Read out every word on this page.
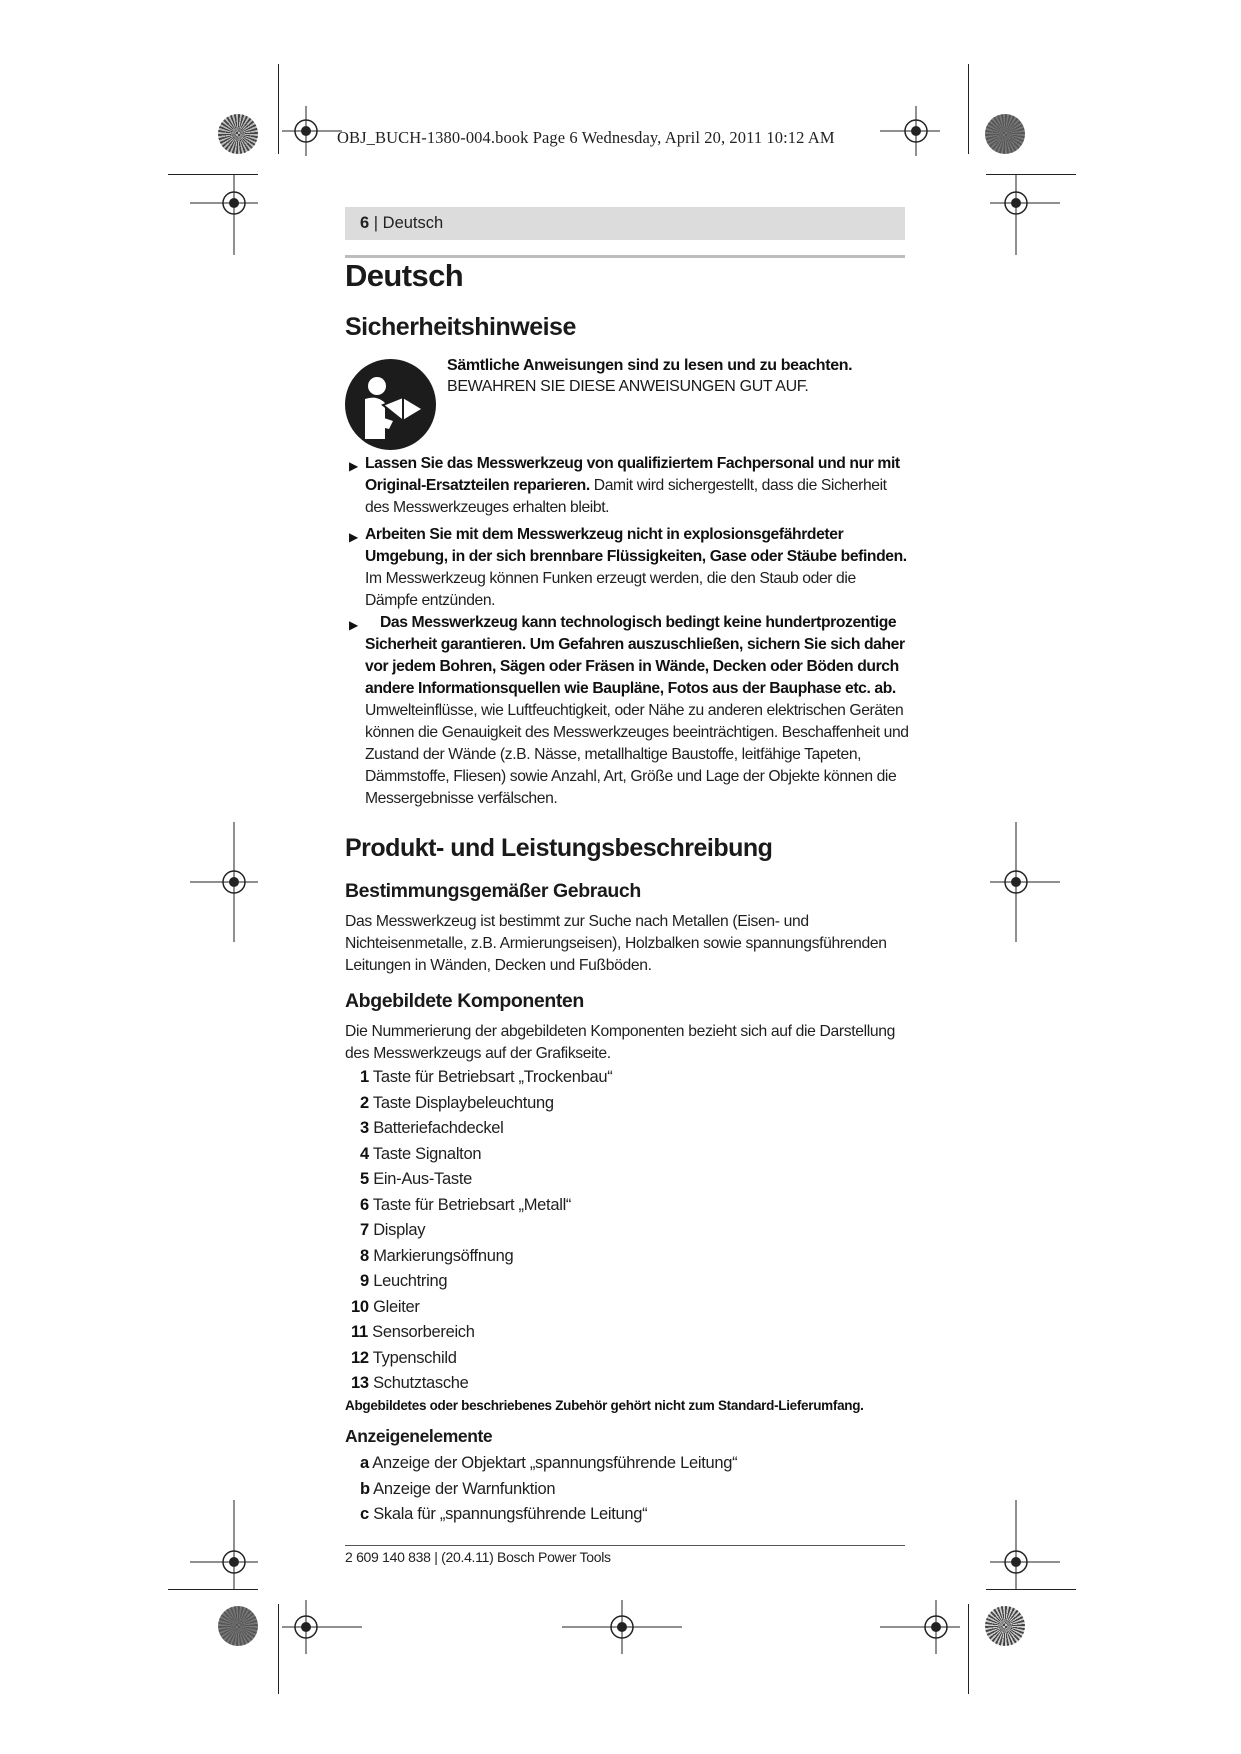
OBJ_BUCH-1380-004.book Page 6 Wednesday, April 20, 2011 10:12 AM
6 | Deutsch
Deutsch
Sicherheitshinweise
Sämtliche Anweisungen sind zu lesen und zu beachten.
BEWAHREN SIE DIESE ANWEISUNGEN GUT AUF.
▶ Lassen Sie das Messwerkzeug von qualifiziertem Fachpersonal und nur mit Original-Ersatzteilen reparieren. Damit wird sichergestellt, dass die Sicherheit des Messwerkzeuges erhalten bleibt.
▶ Arbeiten Sie mit dem Messwerkzeug nicht in explosionsgefährdeter Umgebung, in der sich brennbare Flüssigkeiten, Gase oder Stäube befinden. Im Messwerkzeug können Funken erzeugt werden, die den Staub oder die Dämpfe entzünden.
▶	Das Messwerkzeug kann technologisch bedingt keine hundertprozentige Sicherheit garantieren. Um Gefahren auszuschließen, sichern Sie sich daher vor jedem Bohren, Sägen oder Fräsen in Wände, Decken oder Böden durch andere Informationsquellen wie Baupläne, Fotos aus der Bauphase etc. ab. Umwelteinflüsse, wie Luftfeuchtigkeit, oder Nähe zu anderen elektrischen Geräten können die Genauigkeit des Messwerkzeuges beeinträchtigen. Beschaffenheit und Zustand der Wände (z.B. Nässe, metallhaltige Baustoffe, leitfähige Tapeten, Dämmstoffe, Fliesen) sowie Anzahl, Art, Größe und Lage der Objekte können die Messergebnisse verfälschen.
Produkt- und Leistungsbeschreibung
Bestimmungsgemäßer Gebrauch
Das Messwerkzeug ist bestimmt zur Suche nach Metallen (Eisen- und Nichteisenmetalle, z.B. Armierungseisen), Holzbalken sowie spannungsführenden Leitungen in Wänden, Decken und Fußböden.
Abgebildete Komponenten
Die Nummerierung der abgebildeten Komponenten bezieht sich auf die Darstellung des Messwerkzeugs auf der Grafikseite.
1 Taste für Betriebsart „Trockenbau“
2 Taste Displaybeleuchtung
3 Batteriefachdeckel
4 Taste Signalton
5 Ein-Aus-Taste
6 Taste für Betriebsart „Metall“
7 Display
8 Markierungsöffnung
9 Leuchtring
10 Gleiter
11 Sensorbereich
12 Typenschild
13 Schutztasche
Abgebildetes oder beschriebenes Zubehör gehört nicht zum Standard-Lieferumfang.
Anzeigenelemente
a Anzeige der Objektart „spannungsführende Leitung“
b Anzeige der Warnfunktion
c Skala für „spannungsführende Leitung“
2 609 140 838 | (20.4.11) Bosch Power Tools
